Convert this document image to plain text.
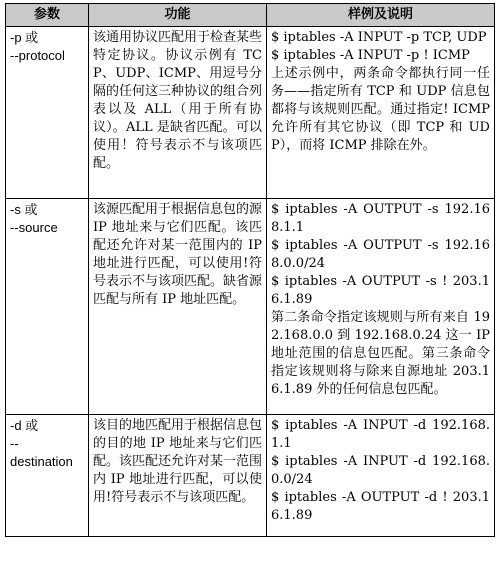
参数	功能	样例及说明

-p 或
--protocol	该通用协议匹配用于检查某些特定协议。协议示例有 TCP、UDP、ICMP、用逗号分隔的任何这三种协议的组合列表以及 ALL（用于所有协议）。ALL 是缺省匹配。可以使用！符号表示不与该项匹配。	$ iptables -A INPUT -p TCP, UDP
$ iptables -A INPUT -p ! ICMP
上述示例中，两条命令都执行同一任务——指定所有 TCP 和 UDP 信息包都将与该规则匹配。通过指定! ICMP 允许所有其它协议（即 TCP 和 UDP），而将 ICMP 排除在外。

-s 或
--source	该源匹配用于根据信息包的源 IP 地址来与它们匹配。该匹配还允许对某一范围内的 IP 地址进行匹配，可以使用!符号表示不与该项匹配。缺省源匹配与所有 IP 地址匹配。	$ iptables -A OUTPUT -s 192.168.1.1
$ iptables -A OUTPUT -s 192.168.0.0/24
$ iptables -A OUTPUT -s ! 203.16.1.89
第二条命令指定该规则与所有来自 192.168.0.0 到 192.168.0.24 这一 IP 地址范围的信息包匹配。第三条命令指定该规则将与除来自源地址 203.16.1.89 外的任何信息包匹配。

-d 或
--
destination	该目的地匹配用于根据信息包的目的地 IP 地址来与它们匹配。该匹配还允许对某一范围内 IP 地址进行匹配，可以使用!符号表示不与该项匹配。	$ iptables -A INPUT -d 192.168.1.1
$ iptables -A INPUT -d 192.168.0.0/24
$ iptables -A OUTPUT -d ! 203.16.1.89
